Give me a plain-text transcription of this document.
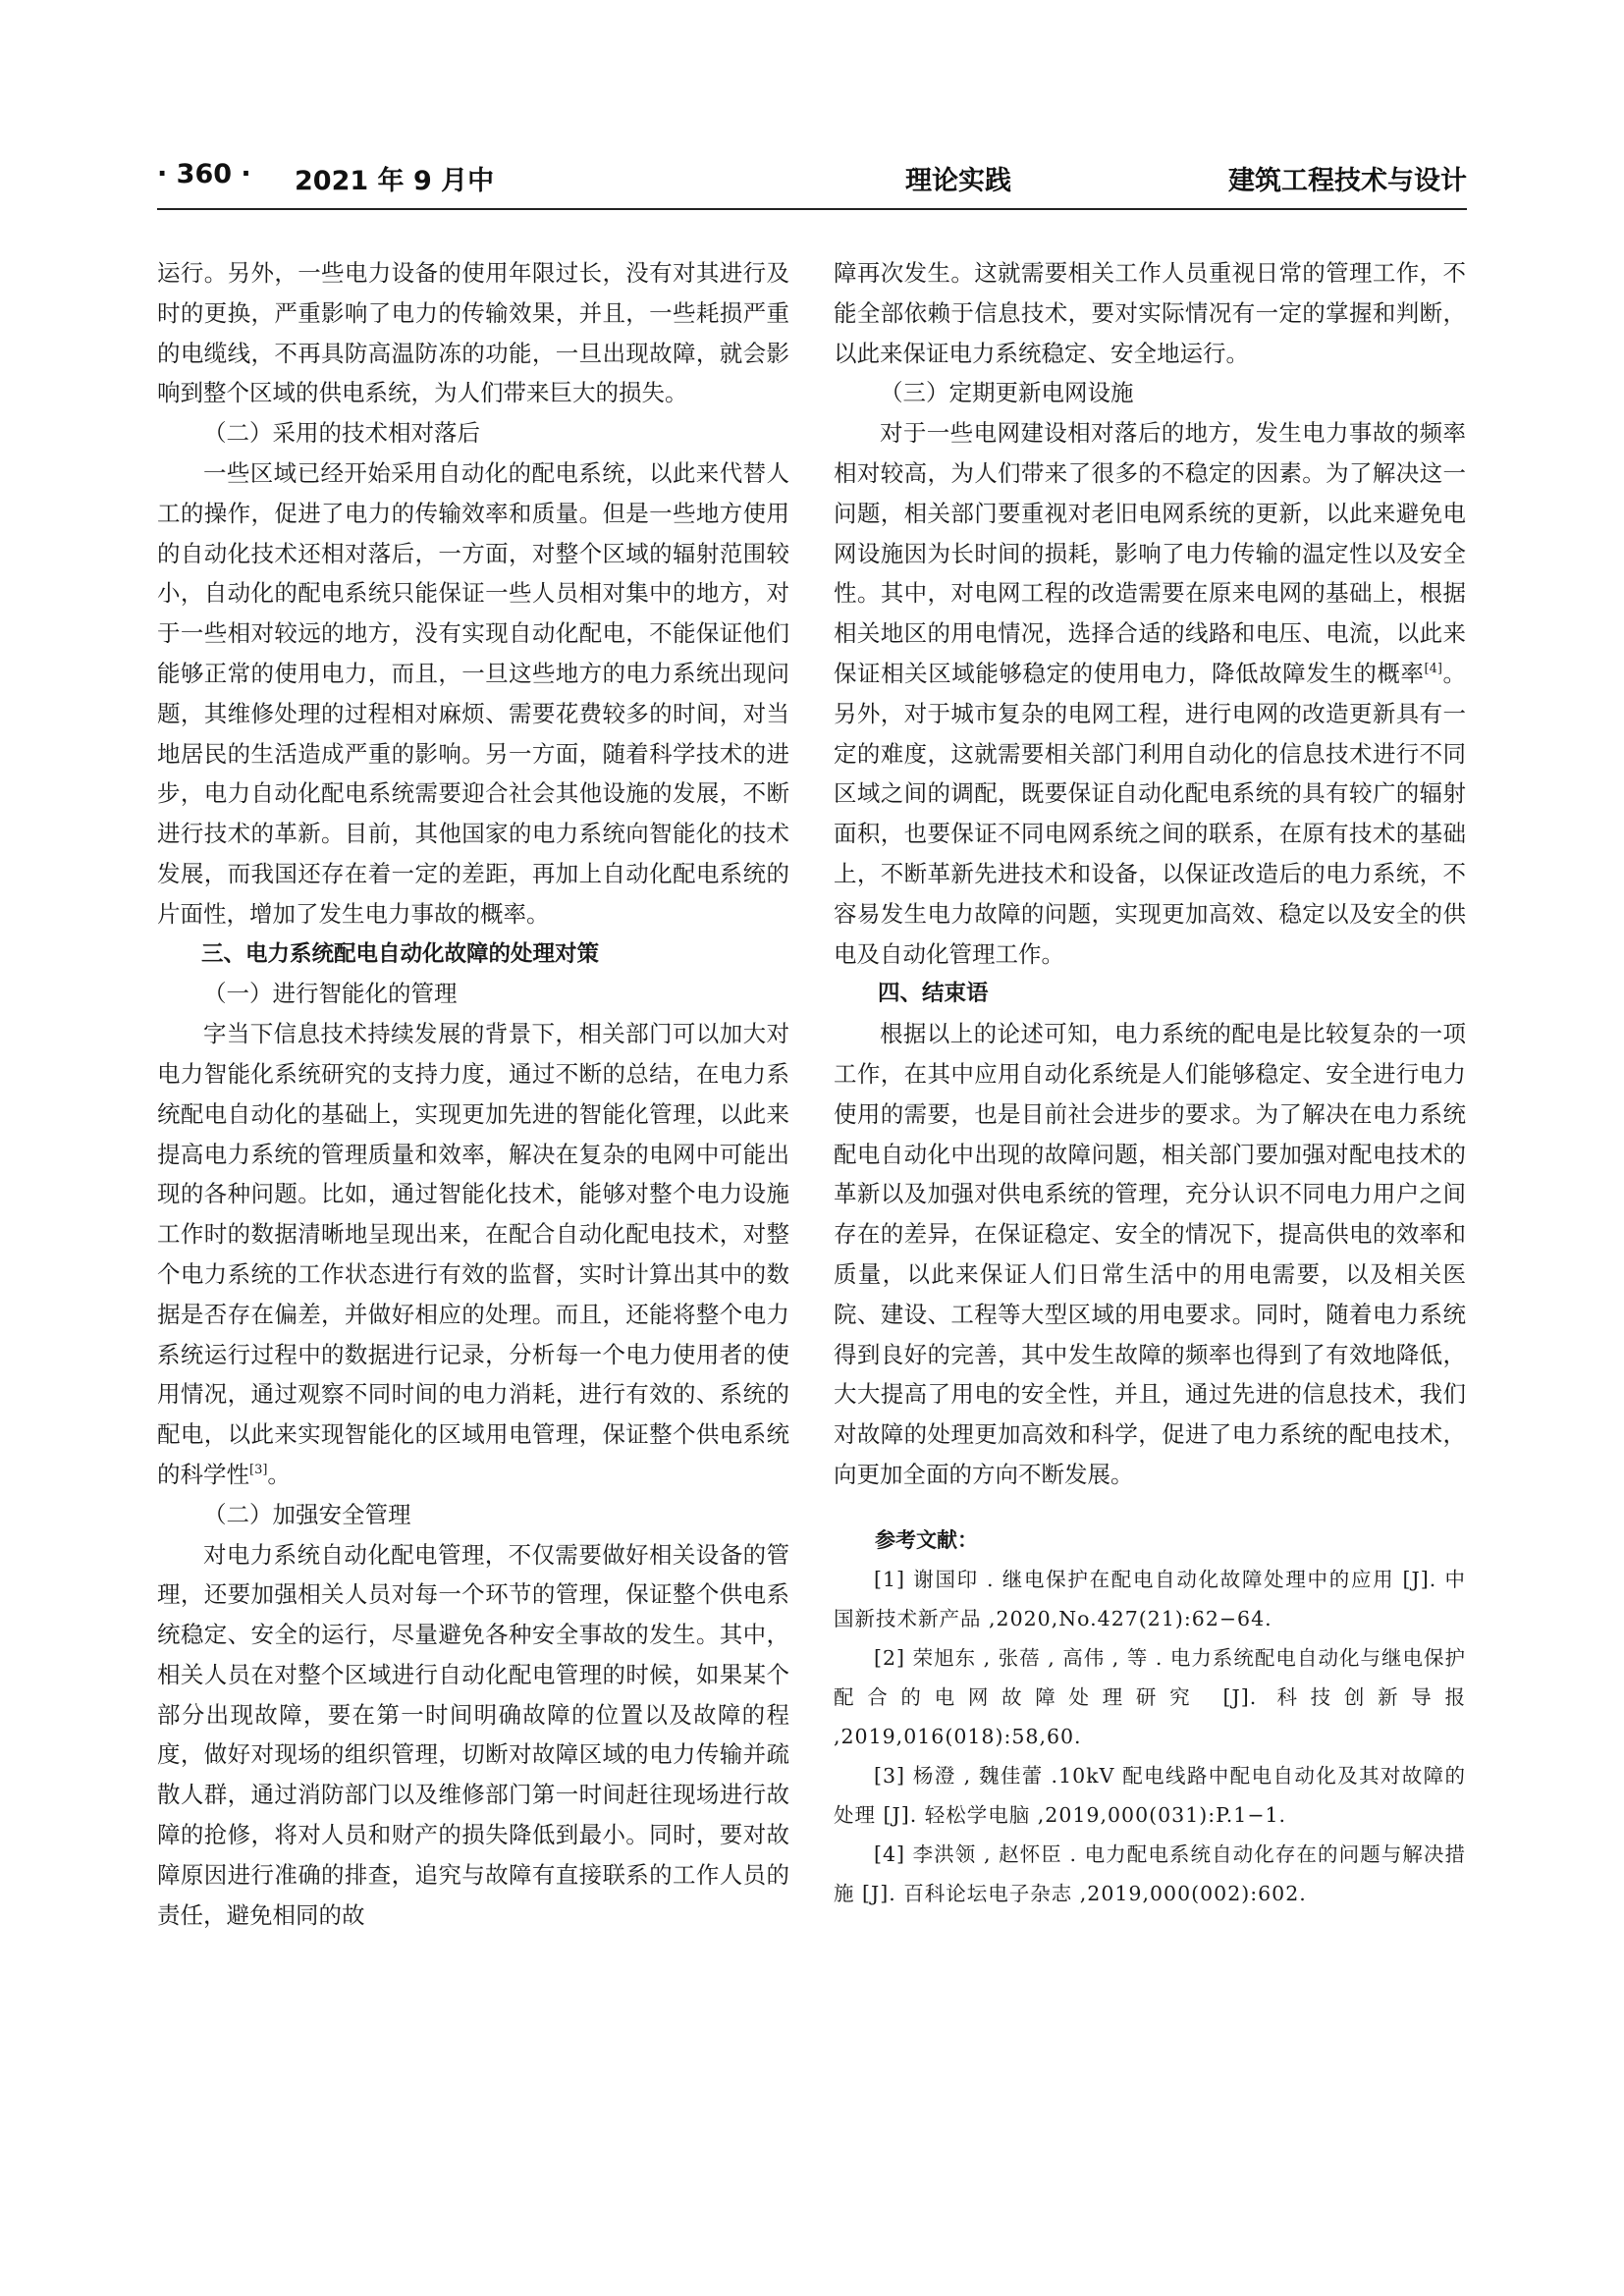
· 360 · 2021 年 9 月中	理论实践	建筑工程技术与设计

运行。另外，一些电力设备的使用年限过长，没有对其进行及时的更换，严重影响了电力的传输效果，并且，一些耗损严重的电缆线，不再具防高温防冻的功能，一旦出现故障，就会影响到整个区域的供电系统，为人们带来巨大的损失。

（二）采用的技术相对落后

一些区域已经开始采用自动化的配电系统，以此来代替人工的操作，促进了电力的传输效率和质量。但是一些地方使用的自动化技术还相对落后，一方面，对整个区域的辐射范围较小，自动化的配电系统只能保证一些人员相对集中的地方，对于一些相对较远的地方，没有实现自动化配电，不能保证他们能够正常的使用电力，而且，一旦这些地方的电力系统出现问题，其维修处理的过程相对麻烦、需要花费较多的时间，对当地居民的生活造成严重的影响。另一方面，随着科学技术的进步，电力自动化配电系统需要迎合社会其他设施的发展，不断进行技术的革新。目前，其他国家的电力系统向智能化的技术发展，而我国还存在着一定的差距，再加上自动化配电系统的片面性，增加了发生电力事故的概率。

三、电力系统配电自动化故障的处理对策

（一）进行智能化的管理

字当下信息技术持续发展的背景下，相关部门可以加大对电力智能化系统研究的支持力度，通过不断的总结，在电力系统配电自动化的基础上，实现更加先进的智能化管理，以此来提高电力系统的管理质量和效率，解决在复杂的电网中可能出现的各种问题。比如，通过智能化技术，能够对整个电力设施工作时的数据清晰地呈现出来，在配合自动化配电技术，对整个电力系统的工作状态进行有效的监督，实时计算出其中的数据是否存在偏差，并做好相应的处理。而且，还能将整个电力系统运行过程中的数据进行记录，分析每一个电力使用者的使用情况，通过观察不同时间的电力消耗，进行有效的、系统的配电，以此来实现智能化的区域用电管理，保证整个供电系统的科学性[3]。

（二）加强安全管理

对电力系统自动化配电管理，不仅需要做好相关设备的管理，还要加强相关人员对每一个环节的管理，保证整个供电系统稳定、安全的运行，尽量避免各种安全事故的发生。其中，相关人员在对整个区域进行自动化配电管理的时候，如果某个部分出现故障，要在第一时间明确故障的位置以及故障的程度，做好对现场的组织管理，切断对故障区域的电力传输并疏散人群，通过消防部门以及维修部门第一时间赶往现场进行故障的抢修，将对人员和财产的损失降低到最小。同时，要对故障原因进行准确的排查，追究与故障有直接联系的工作人员的责任，避免相同的故

障再次发生。这就需要相关工作人员重视日常的管理工作，不能全部依赖于信息技术，要对实际情况有一定的掌握和判断，以此来保证电力系统稳定、安全地运行。

（三）定期更新电网设施

对于一些电网建设相对落后的地方，发生电力事故的频率相对较高，为人们带来了很多的不稳定的因素。为了解决这一问题，相关部门要重视对老旧电网系统的更新，以此来避免电网设施因为长时间的损耗，影响了电力传输的温定性以及安全性。其中，对电网工程的改造需要在原来电网的基础上，根据相关地区的用电情况，选择合适的线路和电压、电流，以此来保证相关区域能够稳定的使用电力，降低故障发生的概率[4]。另外，对于城市复杂的电网工程，进行电网的改造更新具有一定的难度，这就需要相关部门利用自动化的信息技术进行不同区域之间的调配，既要保证自动化配电系统的具有较广的辐射面积，也要保证不同电网系统之间的联系，在原有技术的基础上，不断革新先进技术和设备，以保证改造后的电力系统，不容易发生电力故障的问题，实现更加高效、稳定以及安全的供电及自动化管理工作。

四、结束语

根据以上的论述可知，电力系统的配电是比较复杂的一项工作，在其中应用自动化系统是人们能够稳定、安全进行电力使用的需要，也是目前社会进步的要求。为了解决在电力系统配电自动化中出现的故障问题，相关部门要加强对配电技术的革新以及加强对供电系统的管理，充分认识不同电力用户之间存在的差异，在保证稳定、安全的情况下，提高供电的效率和质量，以此来保证人们日常生活中的用电需要，以及相关医院、建设、工程等大型区域的用电要求。同时，随着电力系统得到良好的完善，其中发生故障的频率也得到了有效地降低，大大提高了用电的安全性，并且，通过先进的信息技术，我们对故障的处理更加高效和科学，促进了电力系统的配电技术，向更加全面的方向不断发展。

参考文献：

[1] 谢国印 . 继电保护在配电自动化故障处理中的应用 [J]. 中国新技术新产品 ,2020,No.427(21):62−64.

[2] 荣旭东 , 张蓓 , 高伟 , 等 . 电力系统配电自动化与继电保护配合的电网故障处理研究 [J]. 科技创新导报 ,2019,016(018):58,60.

[3] 杨澄 , 魏佳蕾 .10kV 配电线路中配电自动化及其对故障的处理 [J]. 轻松学电脑 ,2019,000(031):P.1−1.

[4] 李洪领 , 赵怀臣 . 电力配电系统自动化存在的问题与解决措施 [J]. 百科论坛电子杂志 ,2019,000(002):602.
